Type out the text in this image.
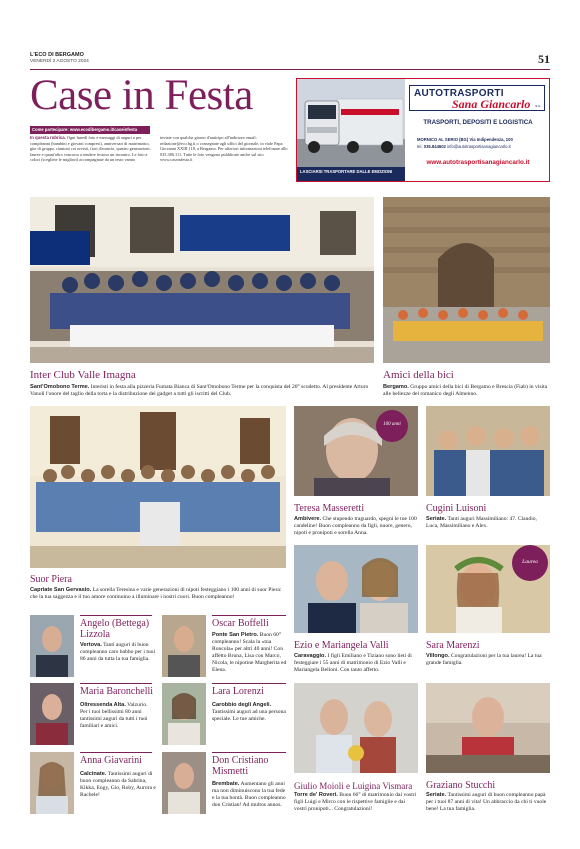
L'ECO DI BERGAMO
VENERDÌ 2 AGOSTO 2024	51
Case in Festa
Come partecipare: www.ecodibergamo.it/caseinfesta
In questa rubrica. Ogni lunedì foto e messaggi di auguri a per compleanni (bambini e giovani compresi), anniversari di matrimonio, gite di gruppo, riunioni coi nivisti, fiori d'arancio, quattro generazioni, lauree e quant'altro concorra a rendere festoso un incontro. Le foto a colori (scegliete le migliori) accompagnate da un testo vanno
inviate con qualche giorno d'anticipo all'indirizzo email: redazione@eco.bg.it o consegnate agli uffici del giornale, in viale Papa Giovanni XXIII 118, a Bergamo. Per ulteriori informazioni telefonare allo 035.386.111. Tutte le foto vengono pubblicate anche sul sito www.caseinfesta.it
LASCIARSI TRASPORTARE DALLE EMOZIONI
AUTOTRASPORTI
Sana Giancarlo s.s.
TRASPORTI, DEPOSITI E LOGISTICA
MORNICO AL SERIO (BG) Via Indipendenza, 100
tel. 035.844602 info@autotrasportisanagiancarlo.it
www.autotrasportisanagiancarlo.it
Inter Club Valle Imagna
Sant'Omobono Terme. Interisti in festa alla pizzeria Fumata Bianca di Sant'Omobono Terme per la conquista del 20° scudetto. Al presidente Arturo Vanoli l'onore del taglio della torta e la distribuzione dei gadget a tutti gli iscritti del Club.
Amici della bici
Bergamo. Gruppo amici della bici di Bergamo e Brescia (Fiab) in visita alle bellezze del romanico degli Almenno.
Suor Piera
Capriate San Gervasio. La sorella Teresina e varie generazioni di nipoti festeggiano i 100 anni di suor Piera: che la tua saggezza e il tuo amore continuino a illuminare i nostri cuori. Buon compleanno!
100 anni
Teresa Masseretti
Ambivere. Che stupendo traguardo, spegni le tue 100 candeline! Buon compleanno da figli, nuore, genero, nipoti e pronipoti e sorella Anna.
Cugini Luisoni
Seriate. Tanti auguri Massimiliano: 47. Claudio, Luca, Massimiliano e Alex.
Ezio e Mariangela Valli
Caravaggio. I figli Emiliano e Tiziano sono lieti di festeggiare i 55 anni di matrimonio di Ezio Valli e Mariangela Belloni. Con tanto affetto.
Laurea
Sara Marenzi
Villongo. Congratulazioni per la tua laurea! La tua grande famiglia.
Giulio Moioli e Luigina Vismara
Torre de' Roveri. Buon 66° di matrimonio dai vostri figli Luigi e Mirco con le rispettive famiglie e dai vostri pronipoti... Congratulazioni!
Graziano Stucchi
Seriate. Tantissimi auguri di buon compleanno papà per i tuoi 87 anni di vita! Un abbraccio da chi ti vuole bene! La tua famiglia.
Angelo (Bettega) Lizzola
Vertova. Tanti auguri di buon compleanno caro babbo per i tuoi 86 anni da tutta la tua famiglia.
Oscar Boffelli
Ponte San Pietro. Buon 60° compleanno! Scala la «tua Roncola» per altri 40 anni! Con affetto Bruna, Lisa con Marco, Nicola, le nipotine Margherita ed Elena.
Maria Baronchelli
Oltressenda Alta. Valzurio. Per i tuoi bellissimi 80 anni tantissimi auguri da tutti i tuoi familiari e amici.
Lara Lorenzi
Carobbio degli Angeli. Tantissimi auguri ad una persona speciale. Le tue amiche.
Anna Giavarini
Calcinate. Tantissimi auguri di buon compleanno da Sabrina, Kikka, Engy, Gio, Roby, Aurora e Rachele!
Don Cristiano Mismetti
Brembate. Aumentano gli anni ma non diminuiscono la tua fede e la tua bontà. Buon compleanno don Cristian! Ad multos annos.
